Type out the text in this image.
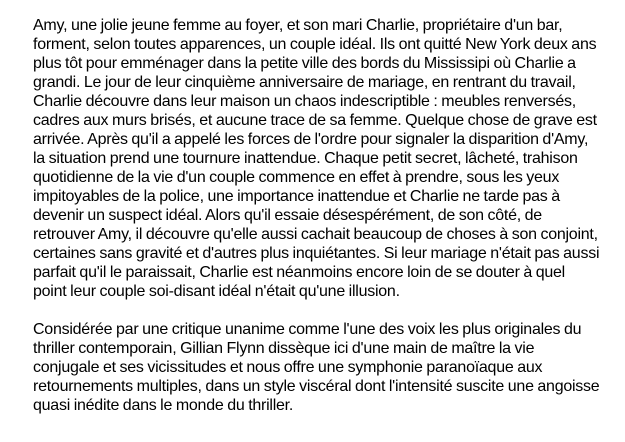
Amy, une jolie jeune femme au foyer, et son mari Charlie, propriétaire d'un bar,
forment, selon toutes apparences, un couple idéal. Ils ont quitté New York deux ans
plus tôt pour emménager dans la petite ville des bords du Mississipi où Charlie a
grandi. Le jour de leur cinquième anniversaire de mariage, en rentrant du travail,
Charlie découvre dans leur maison un chaos indescriptible : meubles renversés,
cadres aux murs brisés, et aucune trace de sa femme. Quelque chose de grave est
arrivée. Après qu'il a appelé les forces de l'ordre pour signaler la disparition d'Amy,
la situation prend une tournure inattendue. Chaque petit secret, lâcheté, trahison
quotidienne de la vie d'un couple commence en effet à prendre, sous les yeux
impitoyables de la police, une importance inattendue et Charlie ne tarde pas à
devenir un suspect idéal. Alors qu'il essaie désespérément, de son côté, de
retrouver Amy, il découvre qu'elle aussi cachait beaucoup de choses à son conjoint,
certaines sans gravité et d'autres plus inquiétantes. Si leur mariage n'était pas aussi
parfait qu'il le paraissait, Charlie est néanmoins encore loin de se douter à quel
point leur couple soi-disant idéal n'était qu'une illusion.
Considérée par une critique unanime comme l'une des voix les plus originales du
thriller contemporain, Gillian Flynn dissèque ici d'une main de maître la vie
conjugale et ses vicissitudes et nous offre une symphonie paranoïaque aux
retournements multiples, dans un style viscéral dont l'intensité suscite une angoisse
quasi inédite dans le monde du thriller.
